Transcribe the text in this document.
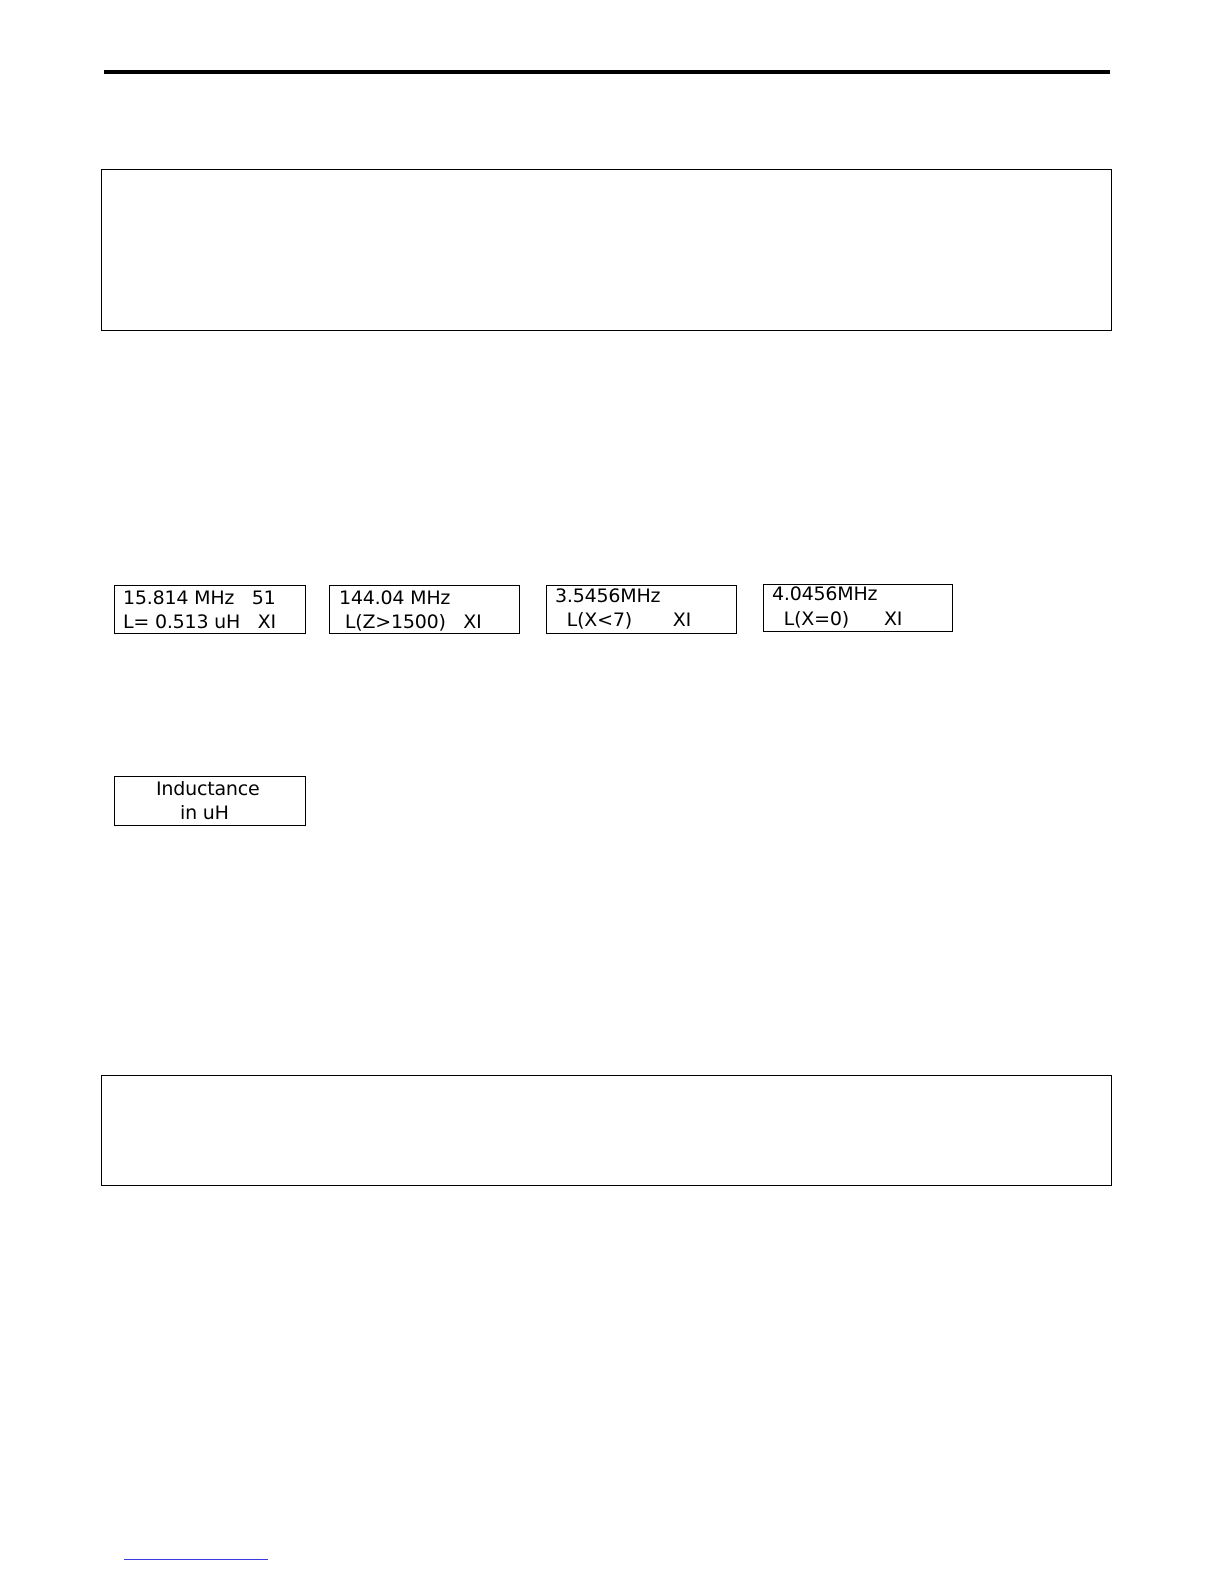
15.814 MHz   51

L= 0.513 uH   XI

144.04 MHz

L(Z>1500)   XI

3.5456MHz

L(X<7)       XI

4.0456MHz

L(X=0)      XI

Inductance

in uH
